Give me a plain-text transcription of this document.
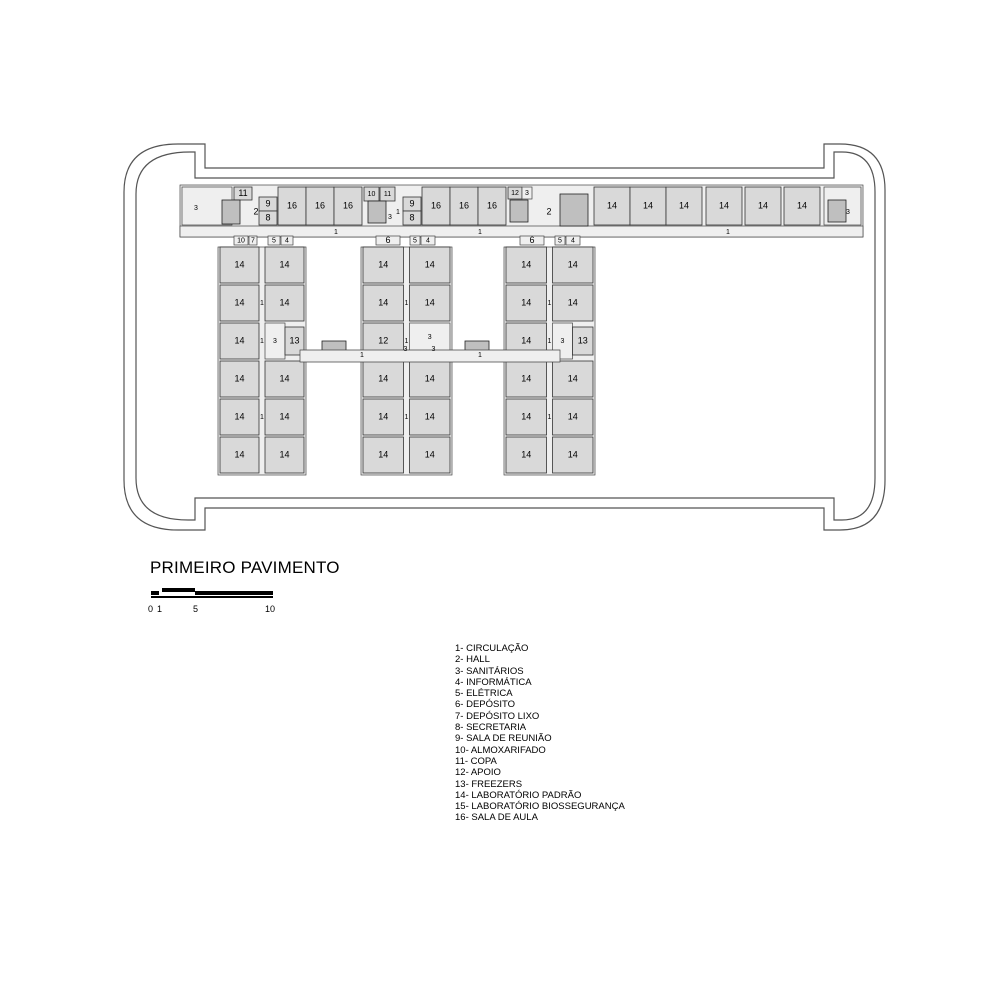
11
9
8
2
3	16 16 16
10 11
9
8
1
3
16 16 16
12 3
2
14	14	14	14	14	14
3
1	1	1
10 7 5 4	6	5 4	6	5 4
14	14
14	14
1
14	3 13
1
14	14
14	14
1
14	14
14	14
14	14
1
12	3
3	3
1
14	14
14	14
1
14	14
14	14
14	14
1
14	3 13
1
14	14
14	14
1
14	14
1	1
PRIMEIRO PAVIMENTO
0 1	5	10
1- CIRCULAÇÃO
2- HALL
3- SANITÁRIOS
4- INFORMÁTICA
5- ELÉTRICA
6- DEPÓSITO
7- DEPÓSITO LIXO
8- SECRETARIA
9- SALA DE REUNIÃO
10- ALMOXARIFADO
11- COPA
12- APOIO
13- FREEZERS
14- LABORATÓRIO PADRÃO
15- LABORATÓRIO BIOSSEGURANÇA
16- SALA DE AULA
